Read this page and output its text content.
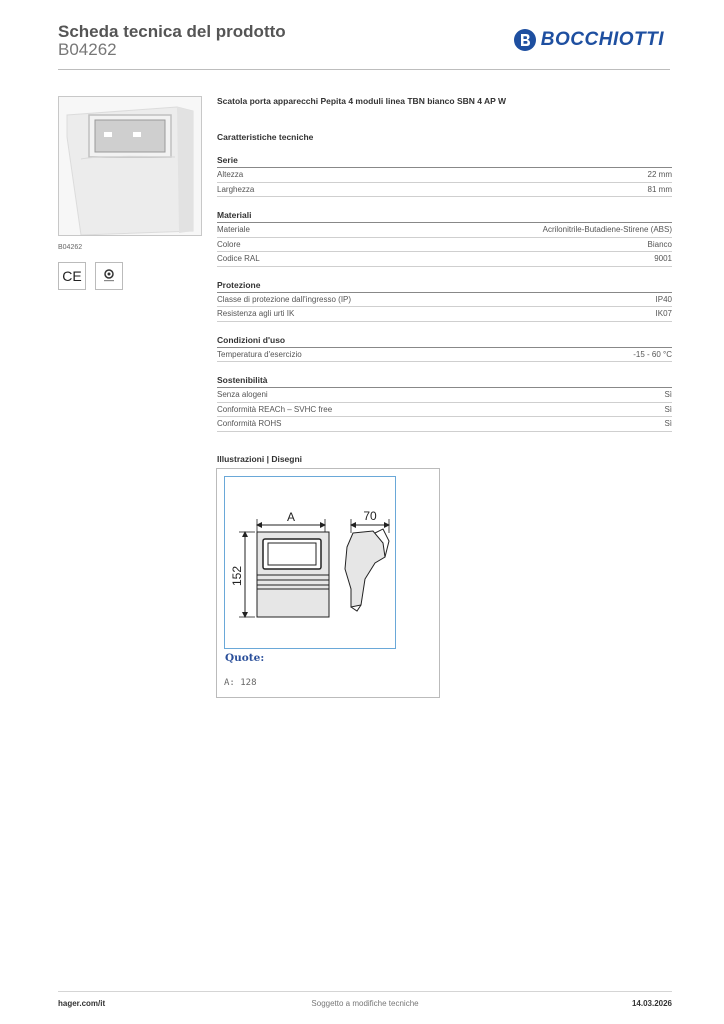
Scheda tecnica del prodotto
B04262	BOCCHIOTTI
B04262
CE
Scatola porta apparecchi Pepita 4 moduli linea TBN bianco SBN 4 AP W
Caratteristiche tecniche
Serie
Altezza	22 mm
Larghezza	81 mm
Materiali
Materiale	Acrilonitrile-Butadiene-Stirene (ABS)
Colore	Bianco
Codice RAL	9001
Protezione
Classe di protezione dall'ingresso (IP)	IP40
Resistenza agli urti IK	IK07
Condizioni d'uso
Temperatura d'esercizio	-15 - 60 °C
Sostenibilità
Senza alogeni	Sì
Conformità REACh – SVHC free	Sì
Conformità ROHS	Sì
Illustrazioni | Disegni
A
152
70
Quote:
A: 128
hager.com/it	Soggetto a modifiche tecniche	14.03.2026
